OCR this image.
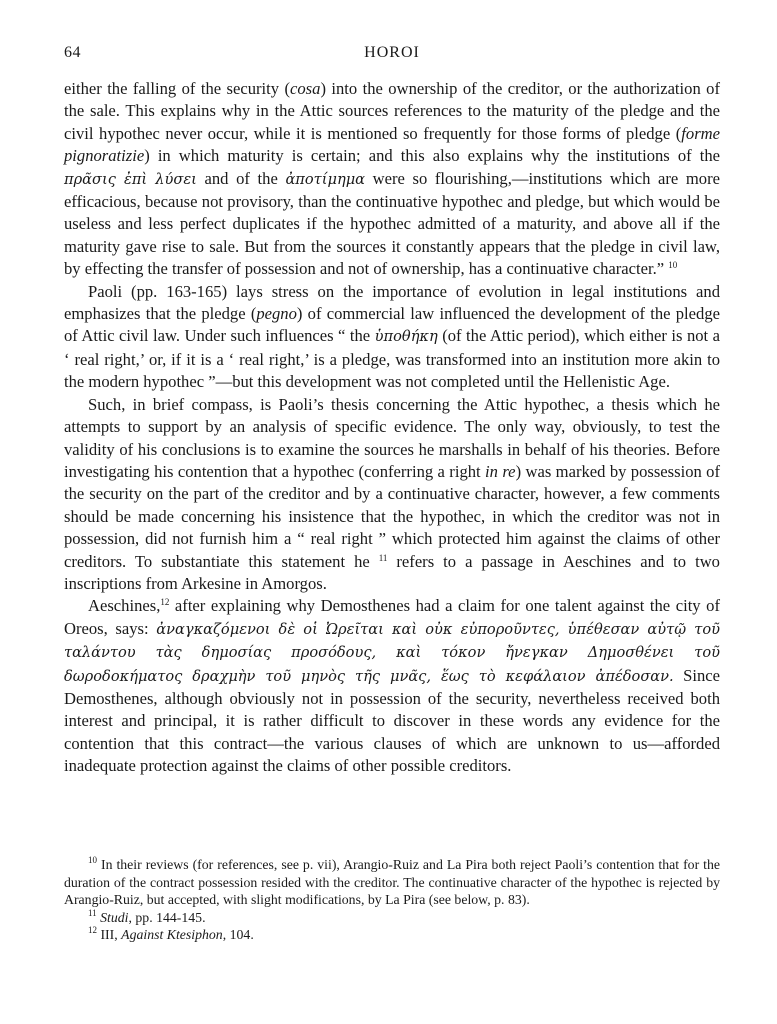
64	HOROI

either the falling of the security (cosa) into the ownership of the creditor, or the authorization of the sale. This explains why in the Attic sources references to the maturity of the pledge and the civil hypothec never occur, while it is mentioned so frequently for those forms of pledge (forme pignoratizie) in which maturity is certain; and this also explains why the institutions of the πρᾶσις ἐπὶ λύσει and of the ἀποτίμημα were so flourishing,—institutions which are more efficacious, because not provisory, than the continuative hypothec and pledge, but which would be useless and less perfect duplicates if the hypothec admitted of a maturity, and above all if the maturity gave rise to sale. But from the sources it constantly appears that the pledge in civil law, by effecting the transfer of possession and not of ownership, has a continuative character.” $^{10}$

Paoli (pp. 163-165) lays stress on the importance of evolution in legal institutions and emphasizes that the pledge (pegno) of commercial law influenced the development of the pledge of Attic civil law. Under such influences “ the ὑποθήκη (of the Attic period), which either is not a ‘ real right,’ or, if it is a ‘ real right,’ is a pledge, was transformed into an institution more akin to the modern hypothec ”—but this development was not completed until the Hellenistic Age.

Such, in brief compass, is Paoli’s thesis concerning the Attic hypothec, a thesis which he attempts to support by an analysis of specific evidence. The only way, obviously, to test the validity of his conclusions is to examine the sources he marshalls in behalf of his theories. Before investigating his contention that a hypothec (conferring a right in re) was marked by possession of the security on the part of the creditor and by a continuative character, however, a few comments should be made concerning his insistence that the hypothec, in which the creditor was not in possession, did not furnish him a “ real right ” which protected him against the claims of other creditors. To substantiate this statement he $^{11}$ refers to a passage in Aeschines and to two inscriptions from Arkesine in Amorgos.

Aeschines,$^{12}$ after explaining why Demosthenes had a claim for one talent against the city of Oreos, says: ἀναγκαζόμενοι δὲ οἱ Ὠρεῖται καὶ οὐκ εὐποροῦντες, ὑπέθεσαν αὐτῷ τοῦ ταλάντου τὰς δημοσίας προσόδους, καὶ τόκον ἤνεγκαν Δημοσθένει τοῦ δωροδοκήματος δραχμὴν τοῦ μηνὸς τῆς μνᾶς, ἕως τὸ κεφάλαιον ἀπέδοσαν. Since Demosthenes, although obviously not in possession of the security, nevertheless received both interest and principal, it is rather difficult to discover in these words any evidence for the contention that this contract—the various clauses of which are unknown to us—afforded inadequate protection against the claims of other possible creditors.

$^{10}$ In their reviews (for references, see p. vii), Arangio-Ruiz and La Pira both reject Paoli’s contention that for the duration of the contract possession resided with the creditor. The continuative character of the hypothec is rejected by Arangio-Ruiz, but accepted, with slight modifications, by La Pira (see below, p. 83).

$^{11}$ Studi, pp. 144-145.

$^{12}$ III, Against Ktesiphon, 104.
